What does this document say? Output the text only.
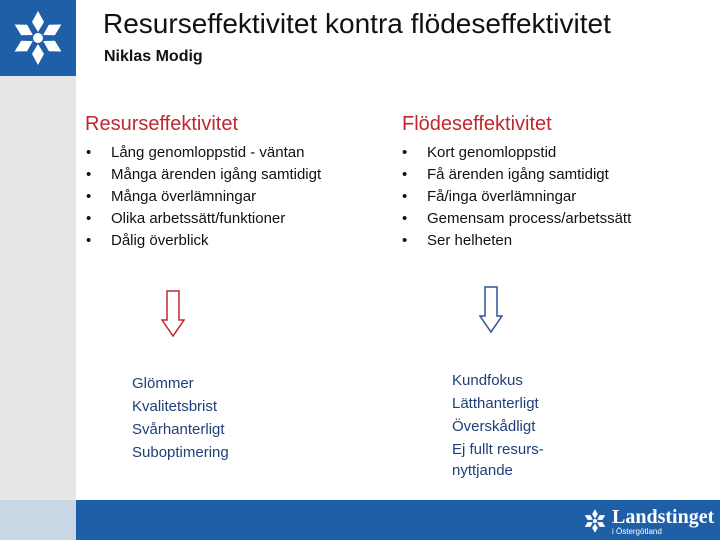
Resurseffektivitet kontra flödeseffektivitet
Niklas Modig
Resurseffektivitet
• Lång genomloppstid - väntan
• Många ärenden igång samtidigt
• Många överlämningar
• Olika arbetssätt/funktioner
• Dålig överblick
Glömmer
Kvalitetsbrist
Svårhanterligt
Suboptimering
Flödeseffektivitet
• Kort genomloppstid
• Få ärenden igång samtidigt
• Få/inga överlämningar
• Gemensam process/arbetssätt
• Ser helheten
Kundfokus
Lätthanterligt
Överskådligt
Ej fullt resurs-nyttjande
Landstinget
i Östergötland
